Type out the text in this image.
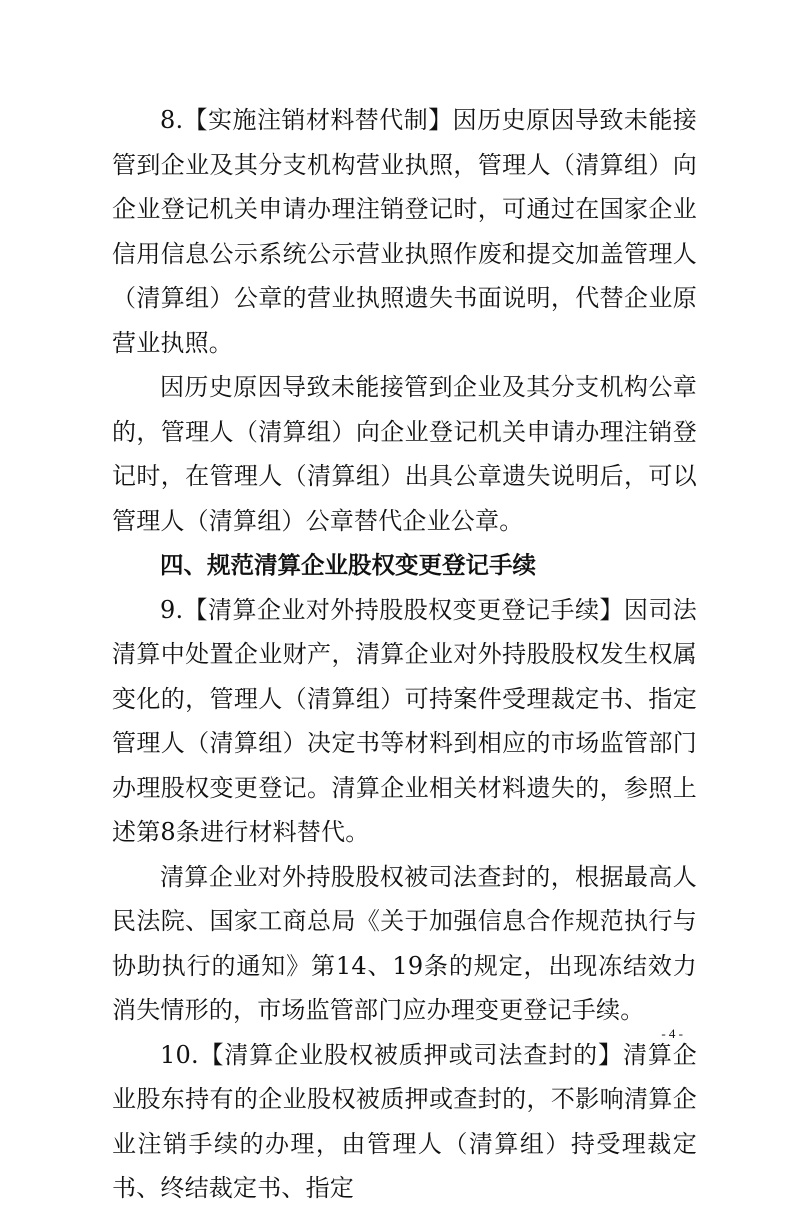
8.【实施注销材料替代制】因历史原因导致未能接管到企业及其分支机构营业执照，管理人（清算组）向企业登记机关申请办理注销登记时，可通过在国家企业信用信息公示系统公示营业执照作废和提交加盖管理人（清算组）公章的营业执照遗失书面说明，代替企业原营业执照。

因历史原因导致未能接管到企业及其分支机构公章的，管理人（清算组）向企业登记机关申请办理注销登记时，在管理人（清算组）出具公章遗失说明后，可以管理人（清算组）公章替代企业公章。

四、规范清算企业股权变更登记手续

9.【清算企业对外持股股权变更登记手续】因司法清算中处置企业财产，清算企业对外持股股权发生权属变化的，管理人（清算组）可持案件受理裁定书、指定管理人（清算组）决定书等材料到相应的市场监管部门办理股权变更登记。清算企业相关材料遗失的，参照上述第8条进行材料替代。

清算企业对外持股股权被司法查封的，根据最高人民法院、国家工商总局《关于加强信息合作规范执行与协助执行的通知》第14、19条的规定，出现冻结效力消失情形的，市场监管部门应办理变更登记手续。

10.【清算企业股权被质押或司法查封的】清算企业股东持有的企业股权被质押或查封的，不影响清算企业注销手续的办理，由管理人（清算组）持受理裁定书、终结裁定书、指定

- 4 -
